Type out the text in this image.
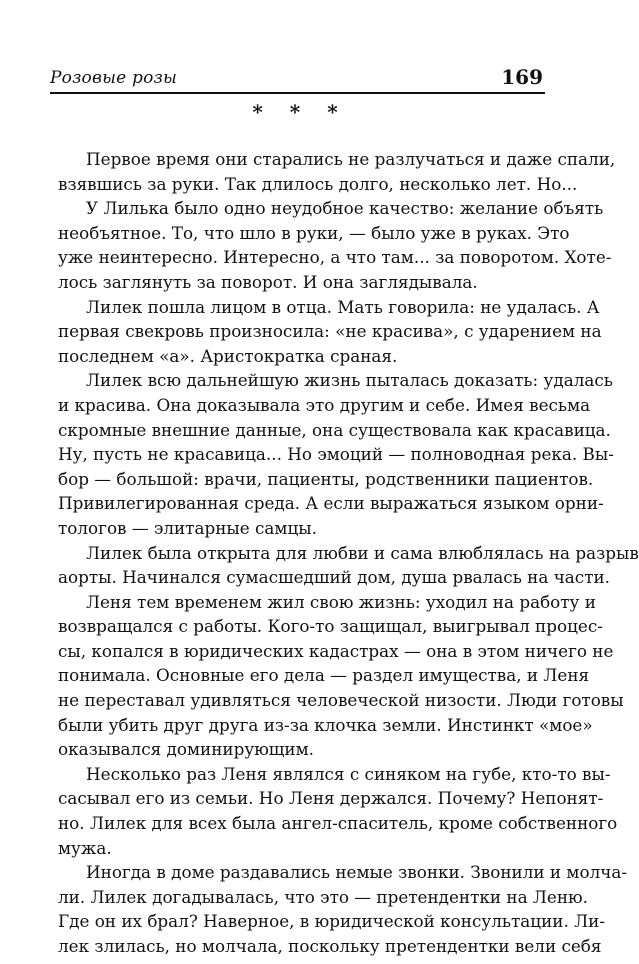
Розовые розы	169
* * *
Первое время они старались не разлучаться и даже спали,
взявшись за руки. Так длилось долго, несколько лет. Но...
У Лилька было одно неудобное качество: желание объять
необъятное. То, что шло в руки, — было уже в руках. Это
уже неинтересно. Интересно, а что там... за поворотом. Хоте-
лось заглянуть за поворот. И она заглядывала.
Лилек пошла лицом в отца. Мать говорила: не удалась. А
первая свекровь произносила: «не красива», с ударением на
последнем «а». Аристократка сраная.
Лилек всю дальнейшую жизнь пыталась доказать: удалась
и красива. Она доказывала это другим и себе. Имея весьма
скромные внешние данные, она существовала как красавица.
Ну, пусть не красавица... Но эмоций — полноводная река. Вы-
бор — большой: врачи, пациенты, родственники пациентов.
Привилегированная среда. А если выражаться языком орни-
тологов — элитарные самцы.
Лилек была открыта для любви и сама влюблялась на разрыв
аорты. Начинался сумасшедший дом, душа рвалась на части.
Леня тем временем жил свою жизнь: уходил на работу и
возвращался с работы. Кого-то защищал, выигрывал процес-
сы, копался в юридических кадастрах — она в этом ничего не
понимала. Основные его дела — раздел имущества, и Леня
не переставал удивляться человеческой низости. Люди готовы
были убить друг друга из-за клочка земли. Инстинкт «мое»
оказывался доминирующим.
Несколько раз Леня являлся с синяком на губе, кто-то вы-
сасывал его из семьи. Но Леня держался. Почему? Непонят-
но. Лилек для всех была ангел-спаситель, кроме собственного
мужа.
Иногда в доме раздавались немые звонки. Звонили и молча-
ли. Лилек догадывалась, что это — претендентки на Леню.
Где он их брал? Наверное, в юридической консультации. Ли-
лек злилась, но молчала, поскольку претендентки вели себя
